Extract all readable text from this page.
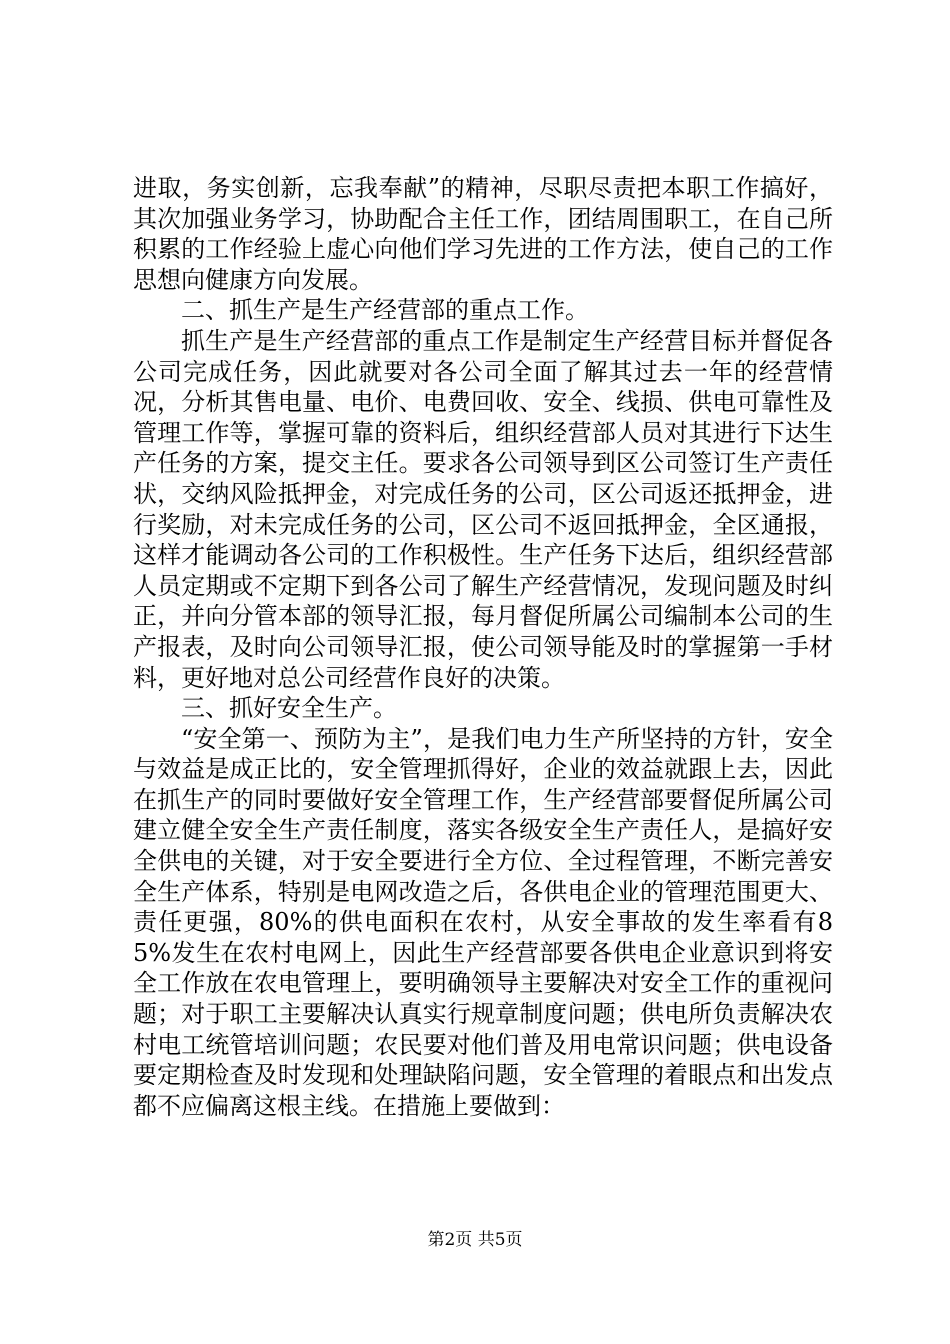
进取，务实创新，忘我奉献”的精神，尽职尽责把本职工作搞好，其次加强业务学习，协助配合主任工作，团结周围职工，在自己所积累的工作经验上虚心向他们学习先进的工作方法，使自己的工作思想向健康方向发展。

二、抓生产是生产经营部的重点工作。

抓生产是生产经营部的重点工作是制定生产经营目标并督促各公司完成任务，因此就要对各公司全面了解其过去一年的经营情况，分析其售电量、电价、电费回收、安全、线损、供电可靠性及管理工作等，掌握可靠的资料后，组织经营部人员对其进行下达生产任务的方案，提交主任。要求各公司领导到区公司签订生产责任状，交纳风险抵押金，对完成任务的公司，区公司返还抵押金，进行奖励，对未完成任务的公司，区公司不返回抵押金，全区通报，这样才能调动各公司的工作积极性。生产任务下达后，组织经营部人员定期或不定期下到各公司了解生产经营情况，发现问题及时纠正，并向分管本部的领导汇报，每月督促所属公司编制本公司的生产报表，及时向公司领导汇报，使公司领导能及时的掌握第一手材料，更好地对总公司经营作良好的决策。

三、抓好安全生产。

“安全第一、预防为主”，是我们电力生产所坚持的方针，安全与效益是成正比的，安全管理抓得好，企业的效益就跟上去，因此在抓生产的同时要做好安全管理工作，生产经营部要督促所属公司建立健全安全生产责任制度，落实各级安全生产责任人，是搞好安全供电的关键，对于安全要进行全方位、全过程管理，不断完善安全生产体系，特别是电网改造之后，各供电企业的管理范围更大、责任更强，80%的供电面积在农村，从安全事故的发生率看有85%发生在农村电网上，因此生产经营部要各供电企业意识到将安全工作放在农电管理上，要明确领导主要解决对安全工作的重视问题；对于职工主要解决认真实行规章制度问题；供电所负责解决农村电工统管培训问题；农民要对他们普及用电常识问题；供电设备要定期检查及时发现和处理缺陷问题，安全管理的着眼点和出发点都不应偏离这根主线。在措施上要做到：

第2页 共5页
